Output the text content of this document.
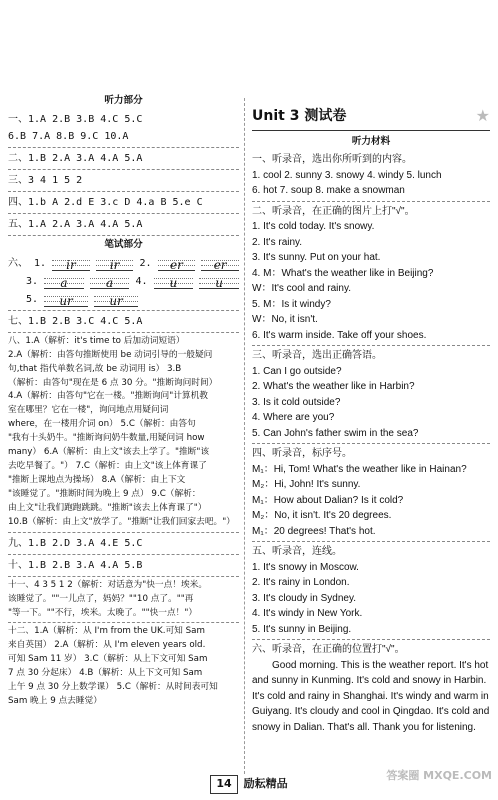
听力部分
一、1.A 2.B 3.B 4.C 5.C
6.B 7.A 8.B 9.C 10.A
二、1.B 2.A 3.A 4.A 5.A
三、3 4 1 5 2
四、1.b A 2.d E 3.c D 4.a B 5.e C
五、1.A 2.A 3.A 4.A 5.A
笔试部分
六、 1.	ir	ir	2.	er	er
3.	a	a	4.	u	u
5.	ur	ur
七、1.B 2.B 3.C 4.C 5.A
八、1.A（解析：it's time to 后加动词短语）
2.A（解析：由答句推断使用 be 动词引导的一般疑问
句,that 指代单数名词,故 be 动词用 is） 3.B
（解析：由答句"现在是 6 点 30 分。"推断询问时间）
4.A（解析：由答句"它在一楼。"推断询问"计算机教
室在哪里？它在一楼"，询问地点用疑问词
where，在一楼用介词 on） 5.C（解析：由答句
"我有十头奶牛。"推断询问奶牛数量,用疑问词 how
many） 6.A（解析：由上文"该去上学了。"推断"该
去吃早餐了。"） 7.C（解析：由上文"该上体育课了
"推断上课地点为操场） 8.A（解析：由上下文
"该睡觉了。"推断时间为晚上 9 点） 9.C（解析：
由上文"让我们跑跑跳跳。"推断"该去上体育课了"）
10.B（解析：由上文"放学了。"推断"让我们回家去吧。"）
九、1.B 2.D 3.A 4.E 5.C
十、1.B 2.B 3.A 4.A 5.B
十一、4 3 5 1 2（解析：对话意为"快一点！埃米。
该睡觉了。""一儿点了，妈妈？""10 点了。""再
"等一下。""不行，埃米。太晚了。""快一点！"）
十二、1.A（解析：从 I'm from the UK.可知 Sam
来自英国） 2.A（解析：从 I'm eleven years old.
可知 Sam 11 岁） 3.C（解析：从上下文可知 Sam
7 点 30 分起床） 4.B（解析：从上下文可知 Sam
上午 9 点 30 分上数学课） 5.C（解析：从时间表可知
Sam 晚上 9 点去睡觉）
Unit 3 测试卷	★
听力材料
一、听录音，选出你所听到的内容。
1. cool 2. sunny 3. snowy 4. windy 5. lunch
6. hot 7. soup 8. make a snowman
二、听录音，在正确的图片上打"√"。
1. It's cold today. It's snowy.
2. It's rainy.
3. It's sunny. Put on your hat.
4. M：What's the weather like in Beijing?
W：It's cool and rainy.
5. M：Is it windy?
W：No, it isn't.
6. It's warm inside. Take off your shoes.
三、听录音，选出正确答语。
1. Can I go outside?
2. What's the weather like in Harbin?
3. Is it cold outside?
4. Where are you?
5. Can John's father swim in the sea?
四、听录音，标序号。
M₁：Hi, Tom! What's the weather like in Hainan?
M₂：Hi, John! It's sunny.
M₁：How about Dalian? Is it cold?
M₂：No, it isn't. It's 20 degrees.
M₁：20 degrees! That's hot.
五、听录音，连线。
1. It's snowy in Moscow.
2. It's rainy in London.
3. It's cloudy in Sydney.
4. It's windy in New York.
5. It's sunny in Beijing.
六、听录音，在正确的位置打"√"。
Good morning. This is the weather report. It's hot and sunny in Kunming. It's cold and snowy in Harbin. It's cold and rainy in Shanghai. It's windy and warm in Guiyang. It's cloudy and cool in Qingdao. It's cold and snowy in Dalian. That's all. Thank you for listening.
14 励耘精品
答案圈 MXQE.COM
